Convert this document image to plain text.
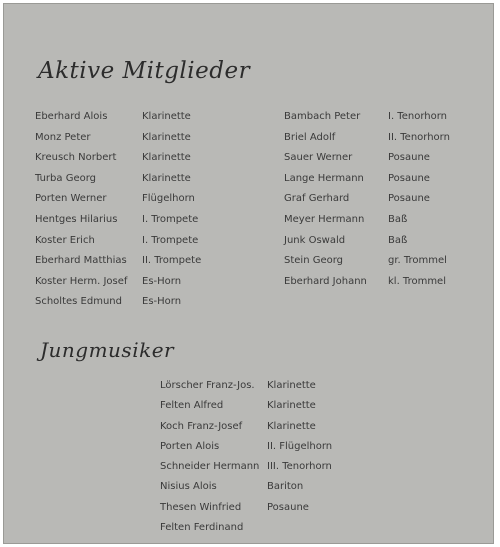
Aktive Mitglieder
Eberhard Alois	Klarinette
Monz Peter	Klarinette
Kreusch Norbert	Klarinette
Turba Georg	Klarinette
Porten Werner	Flügelhorn
Hentges Hilarius I. Trompete
Koster Erich	I. Trompete
Eberhard Matthias II. Trompete
Koster Herm. Josef Es-Horn
Scholtes Edmund Es-Horn
Bambach Peter	I. Tenorhorn
Briel Adolf	II. Tenorhorn
Sauer Werner	Posaune
Lange Hermann Posaune
Graf Gerhard	Posaune
Meyer Hermann Baß
Junk Oswald	Baß
Stein Georg	gr. Trommel
Eberhard Johann kl. Trommel
Jungmusiker
Lörscher Franz-Jos. Klarinette
Felten Alfred	Klarinette
Koch Franz-Josef Klarinette
Porten Alois	II. Flügelhorn
Schneider Hermann III. Tenorhorn
Nisius Alois	Bariton
Thesen Winfried	Posaune
Felten Ferdinand
